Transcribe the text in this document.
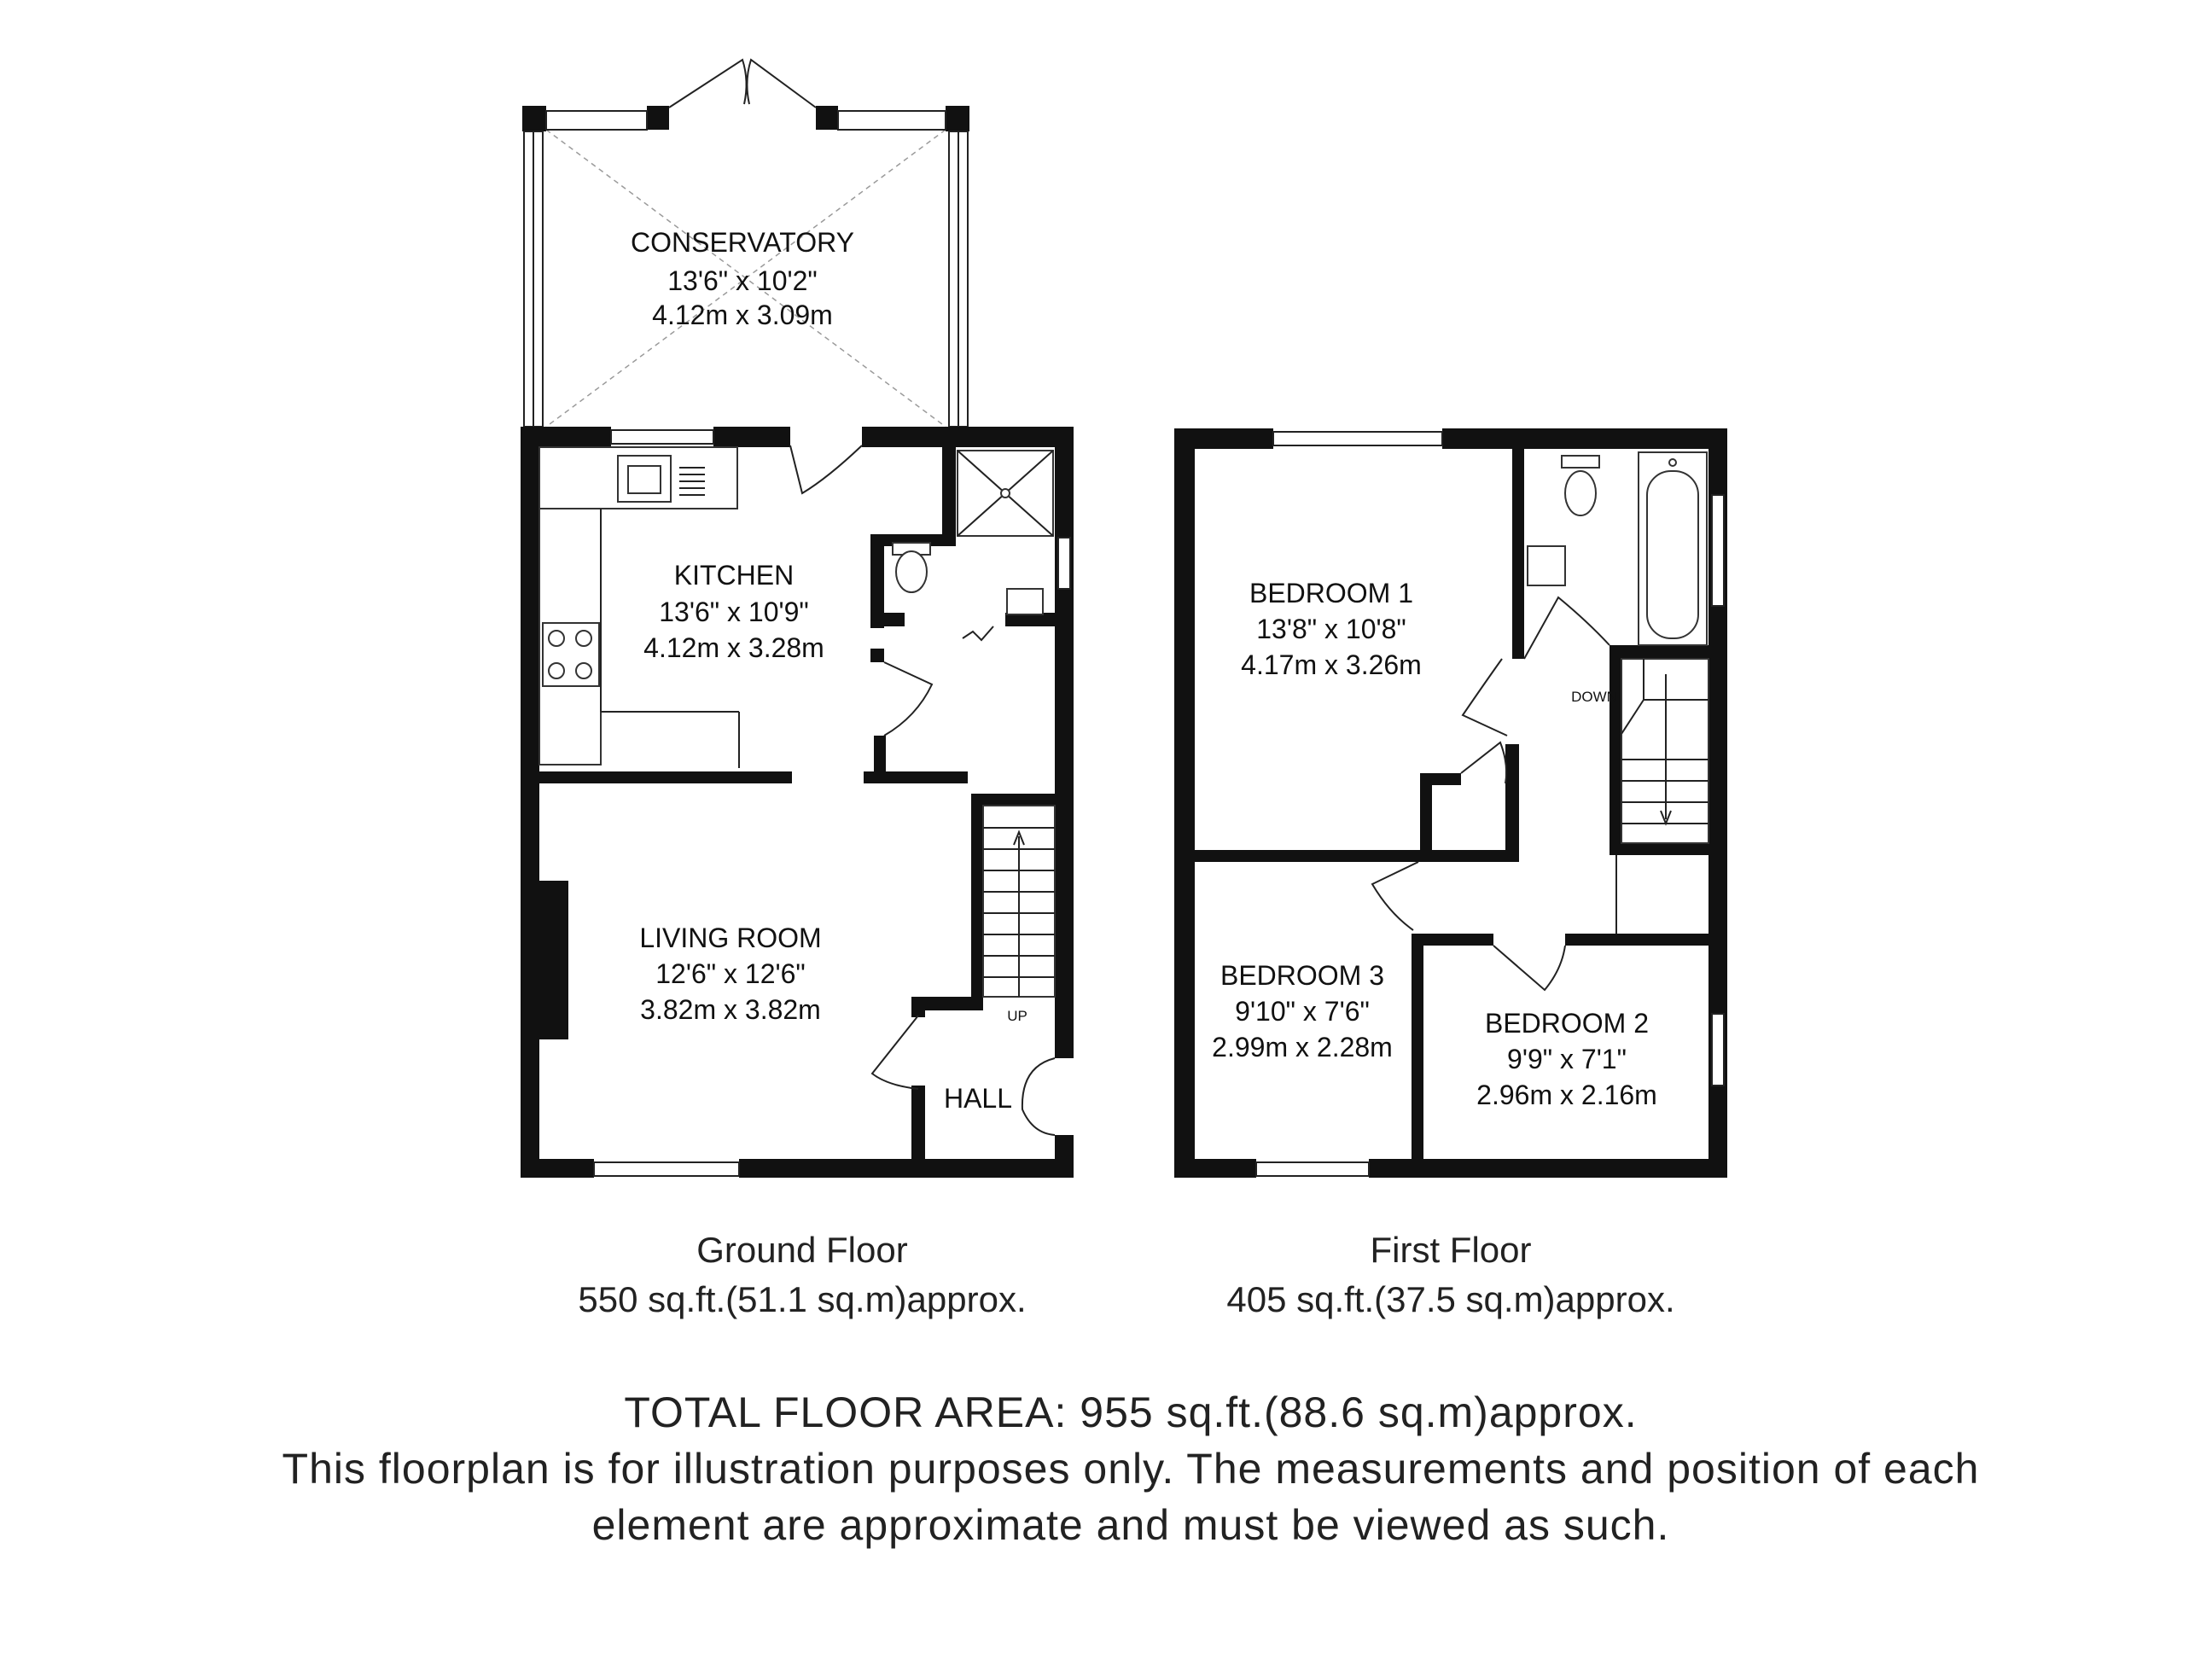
CONSERVATORY
13'6" x 10'2"
4.12m x 3.09m
KITCHEN
13'6" x 10'9"
4.12m x 3.28m
UP
LIVING ROOM
12'6" x 12'6"
3.82m x 3.82m
HALL
BEDROOM 1
13'8" x 10'8"
4.17m x 3.26m
DOWN
BEDROOM 3
9'10" x 7'6"
2.99m x 2.28m
BEDROOM 2
9'9" x 7'1"
2.96m x 2.16m
Ground Floor
550 sq.ft.(51.1 sq.m)approx.
First Floor
405 sq.ft.(37.5 sq.m)approx.
TOTAL FLOOR AREA: 955 sq.ft.(88.6 sq.m)approx.
This floorplan is for illustration purposes only. The measurements and position of each element are approximate and must be viewed as such.
